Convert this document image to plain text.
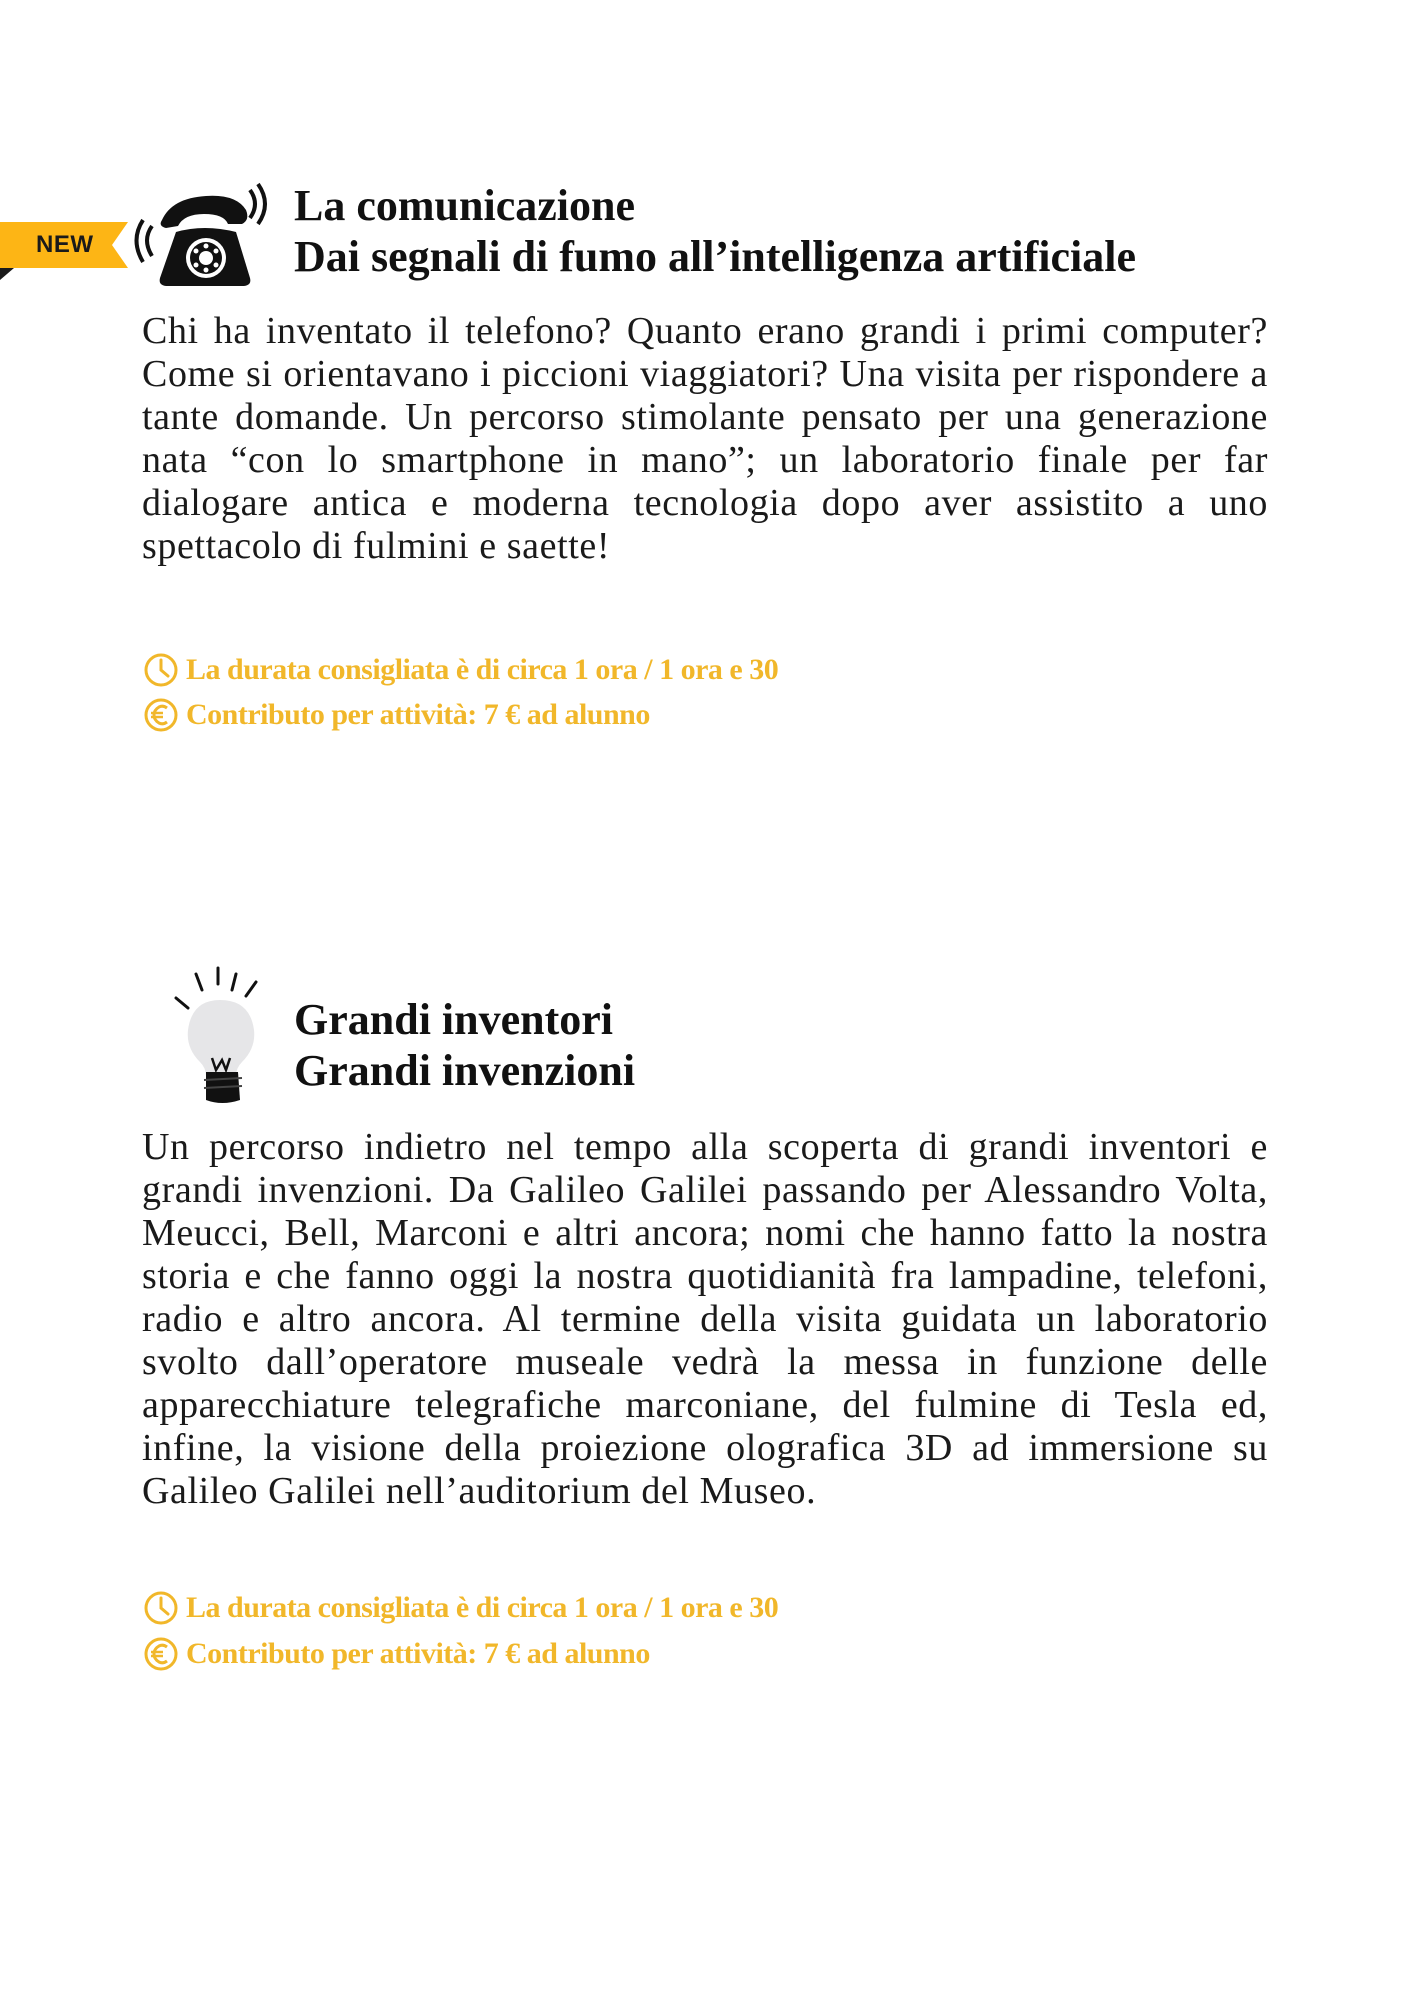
NEW
La comunicazione
Dai segnali di fumo all’intelligenza artificiale
Chi ha inventato il telefono? Quanto erano grandi i primi computer? Come si orientavano i piccioni viaggiatori? Una visita per rispondere a tante domande. Un percorso stimolante pensato per una generazione nata “con lo smartphone in mano”; un laboratorio finale per far dialogare antica e moderna tecnologia dopo aver assistito a uno spettacolo di fulmini e saette!
La durata consigliata è di circa 1 ora / 1 ora e 30
Contributo per attività: 7 € ad alunno
Grandi inventori
Grandi invenzioni
Un percorso indietro nel tempo alla scoperta di grandi inventori e grandi invenzioni. Da Galileo Galilei passando per Alessandro Volta, Meucci, Bell, Marconi e altri ancora; nomi che hanno fatto la nostra storia e che fanno oggi la nostra quotidianità fra lampadine, telefoni, radio e altro ancora. Al termine della visita guidata un laboratorio svolto dall’operatore museale vedrà la messa in funzione delle apparecchiature telegrafiche marconiane, del fulmine di Tesla ed, infine, la visione della proiezione olografica 3D ad immersione su Galileo Galilei nell’auditorium del Museo.
La durata consigliata è di circa 1 ora / 1 ora e 30
Contributo per attività: 7 € ad alunno
